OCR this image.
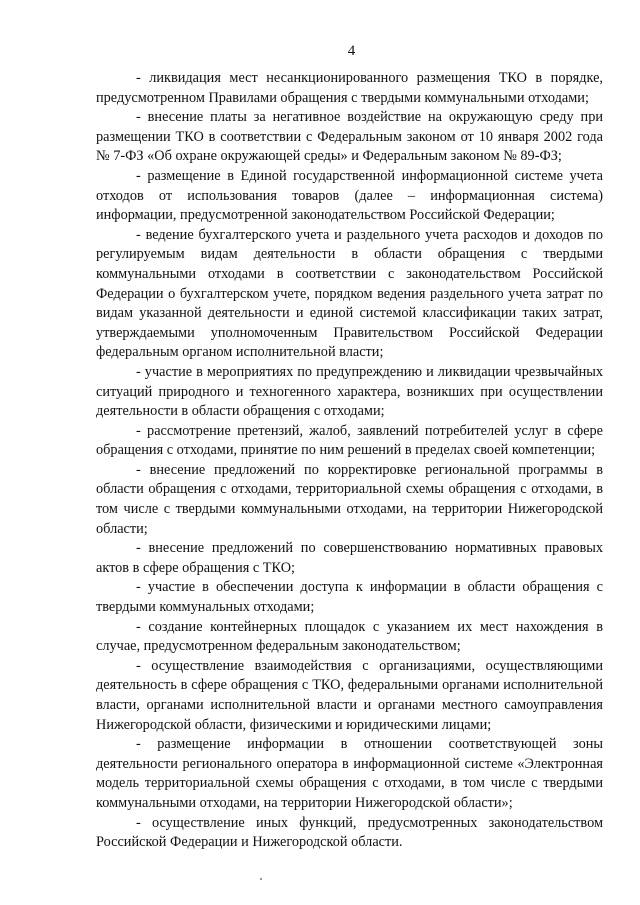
4

- ликвидация мест несанкционированного размещения ТКО в порядке, предусмотренном Правилами обращения с твердыми коммунальными отходами;

- внесение платы за негативное воздействие на окружающую среду при размещении ТКО в соответствии с Федеральным законом от 10 января 2002 года № 7-ФЗ «Об охране окружающей среды» и Федеральным законом № 89-ФЗ;

- размещение в Единой государственной информационной системе учета отходов от использования товаров (далее – информационная система) информации, предусмотренной законодательством Российской Федерации;

- ведение бухгалтерского учета и раздельного учета расходов и доходов по регулируемым видам деятельности в области обращения с твердыми коммунальными отходами в соответствии с законодательством Российской Федерации о бухгалтерском учете, порядком ведения раздельного учета затрат по видам указанной деятельности и единой системой классификации таких затрат, утверждаемыми уполномоченным Правительством Российской Федерации федеральным органом исполнительной власти;

- участие в мероприятиях по предупреждению и ликвидации чрезвычайных ситуаций природного и техногенного характера, возникших при осуществлении деятельности в области обращения с отходами;

- рассмотрение претензий, жалоб, заявлений потребителей услуг в сфере обращения с отходами, принятие по ним решений в пределах своей компетенции;

- внесение предложений по корректировке региональной программы в области обращения с отходами, территориальной схемы обращения с отходами, в том числе с твердыми коммунальными отходами, на территории Нижегородской области;

- внесение предложений по совершенствованию нормативных правовых актов в сфере обращения с ТКО;

- участие в обеспечении доступа к информации в области обращения с твердыми коммунальных отходами;

- создание контейнерных площадок с указанием их мест нахождения в случае, предусмотренном федеральным законодательством;

- осуществление взаимодействия с организациями, осуществляющими деятельность в сфере обращения с ТКО, федеральными органами исполнительной власти, органами исполнительной власти и органами местного самоуправления Нижегородской области, физическими и юридическими лицами;

- размещение информации в отношении соответствующей зоны деятельности регионального оператора в информационной системе «Электронная модель территориальной схемы обращения с отходами, в том числе с твердыми коммунальными отходами, на территории Нижегородской области»;

- осуществление иных функций, предусмотренных законодательством Российской Федерации и Нижегородской области.
